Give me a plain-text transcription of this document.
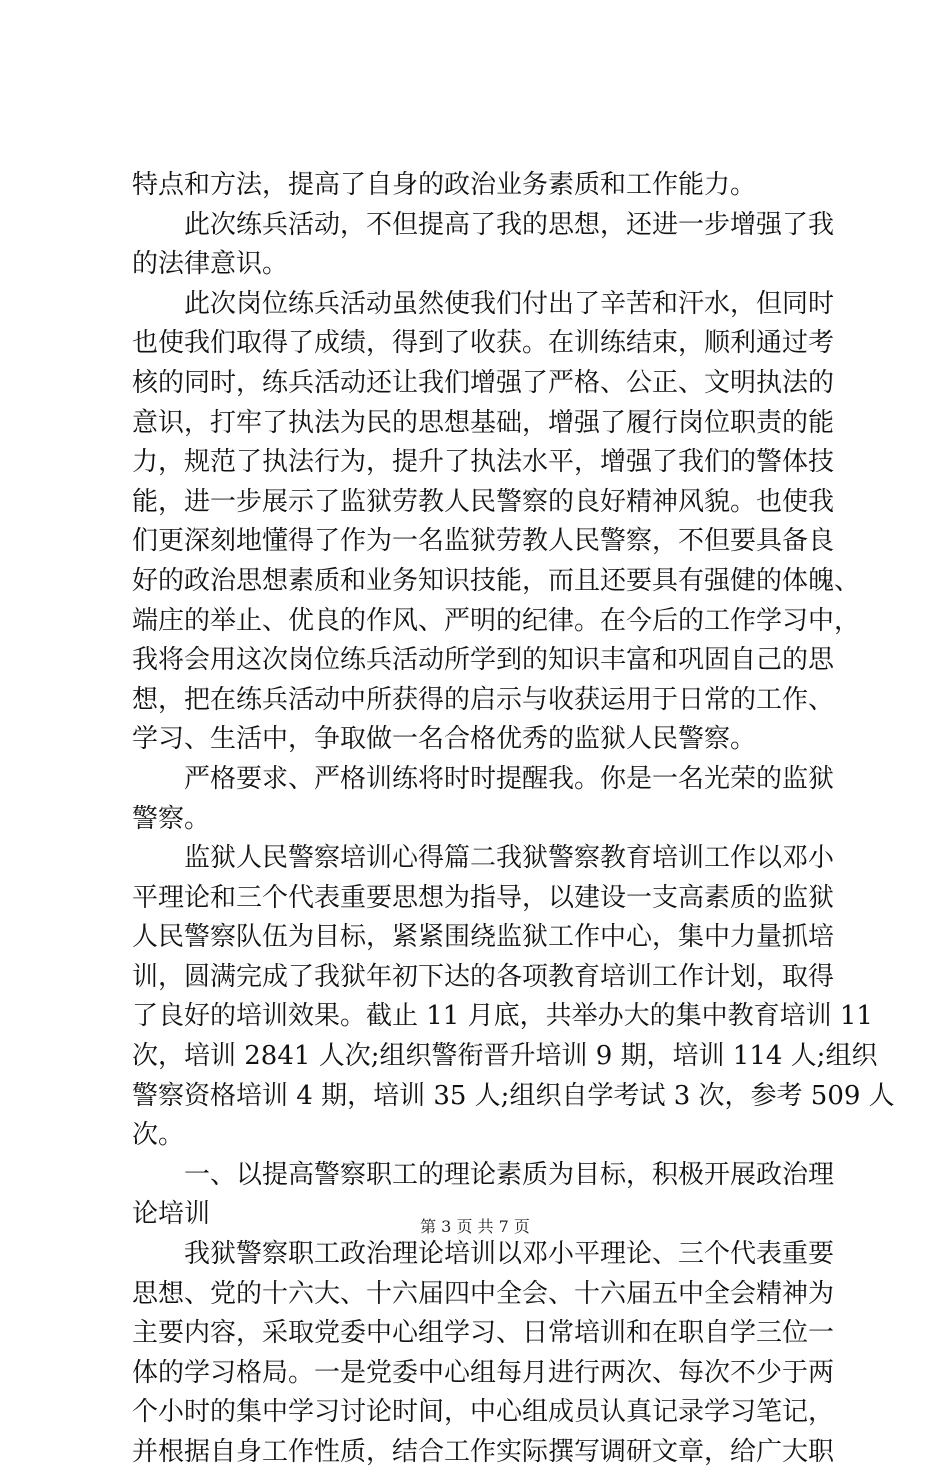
特点和方法，提高了自身的政治业务素质和工作能力。
此次练兵活动，不但提高了我的思想，还进一步增强了我
的法律意识。
此次岗位练兵活动虽然使我们付出了辛苦和汗水，但同时
也使我们取得了成绩，得到了收获。在训练结束，顺利通过考
核的同时，练兵活动还让我们增强了严格、公正、文明执法的
意识，打牢了执法为民的思想基础，增强了履行岗位职责的能
力，规范了执法行为，提升了执法水平，增强了我们的警体技
能，进一步展示了监狱劳教人民警察的良好精神风貌。也使我
们更深刻地懂得了作为一名监狱劳教人民警察，不但要具备良
好的政治思想素质和业务知识技能，而且还要具有强健的体魄、
端庄的举止、优良的作风、严明的纪律。在今后的工作学习中，
我将会用这次岗位练兵活动所学到的知识丰富和巩固自己的思
想，把在练兵活动中所获得的启示与收获运用于日常的工作、
学习、生活中，争取做一名合格优秀的监狱人民警察。
严格要求、严格训练将时时提醒我。你是一名光荣的监狱
警察。
监狱人民警察培训心得篇二我狱警察教育培训工作以邓小
平理论和三个代表重要思想为指导，以建设一支高素质的监狱
人民警察队伍为目标，紧紧围绕监狱工作中心，集中力量抓培
训，圆满完成了我狱年初下达的各项教育培训工作计划，取得
了良好的培训效果。截止 11 月底，共举办大的集中教育培训 11
次，培训 2841 人次;组织警衔晋升培训 9 期，培训 114 人;组织
警察资格培训 4 期，培训 35 人;组织自学考试 3 次，参考 509 人
次。
一、以提高警察职工的理论素质为目标，积极开展政治理
论培训
我狱警察职工政治理论培训以邓小平理论、三个代表重要
思想、党的十六大、十六届四中全会、十六届五中全会精神为
主要内容，采取党委中心组学习、日常培训和在职自学三位一
体的学习格局。一是党委中心组每月进行两次、每次不少于两
个小时的集中学习讨论时间，中心组成员认真记录学习笔记，
并根据自身工作性质，结合工作实际撰写调研文章，给广大职
第 3 页 共 7 页
